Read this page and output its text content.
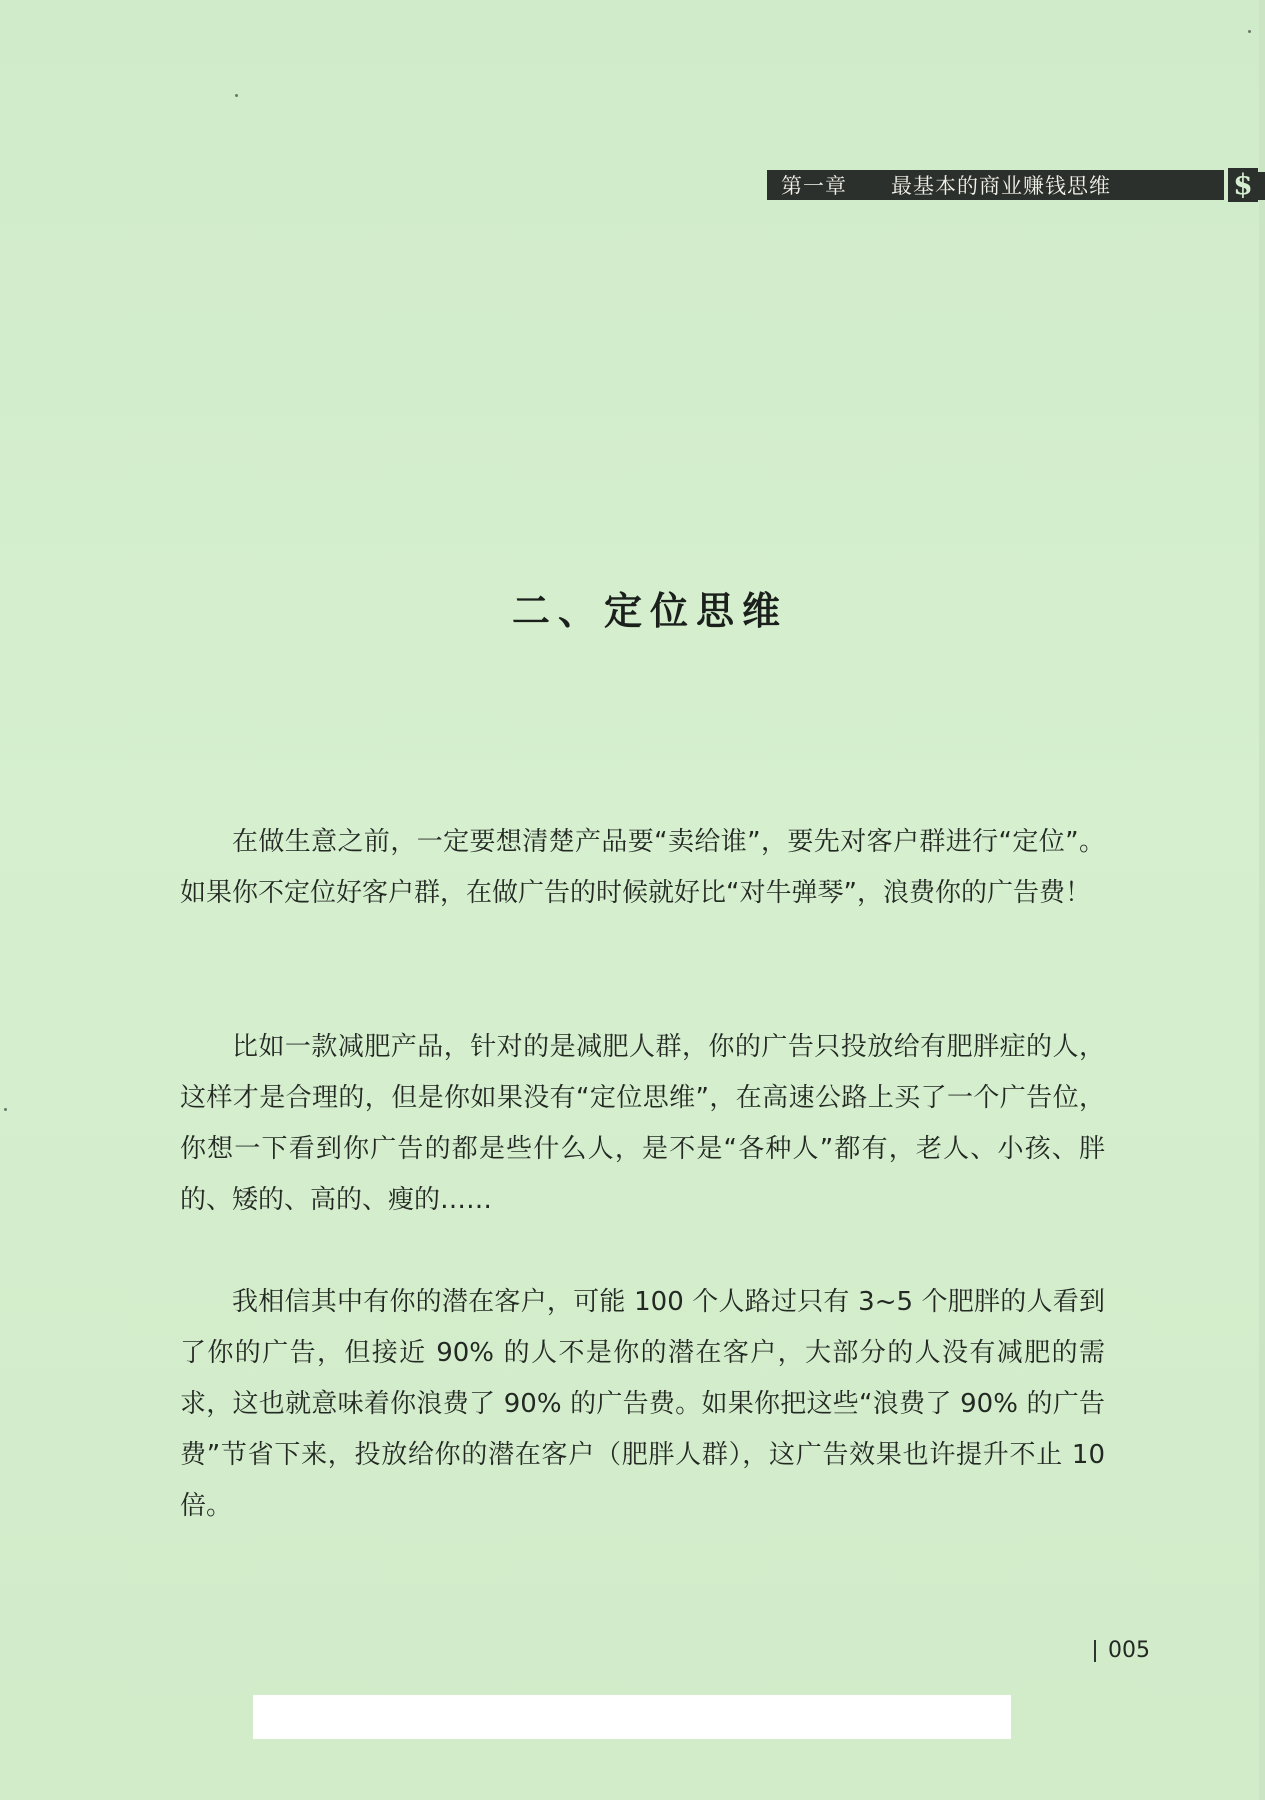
第一章	最基本的商业赚钱思维	$
二、定位思维

在做生意之前，一定要想清楚产品要“卖给谁”，要先对客户群进行“定位”。如果你不定位好客户群，在做广告的时候就好比“对牛弹琴”，浪费你的广告费！

比如一款减肥产品，针对的是减肥人群，你的广告只投放给有肥胖症的人，这样才是合理的，但是你如果没有“定位思维”，在高速公路上买了一个广告位，你想一下看到你广告的都是些什么人，是不是“各种人”都有，老人、小孩、胖的、矮的、高的、瘦的……

我相信其中有你的潜在客户，可能 100 个人路过只有 3~5 个肥胖的人看到了你的广告，但接近 90% 的人不是你的潜在客户，大部分的人没有减肥的需求，这也就意味着你浪费了 90% 的广告费。如果你把这些“浪费了 90% 的广告费”节省下来，投放给你的潜在客户（肥胖人群），这广告效果也许提升不止 10 倍。

005
